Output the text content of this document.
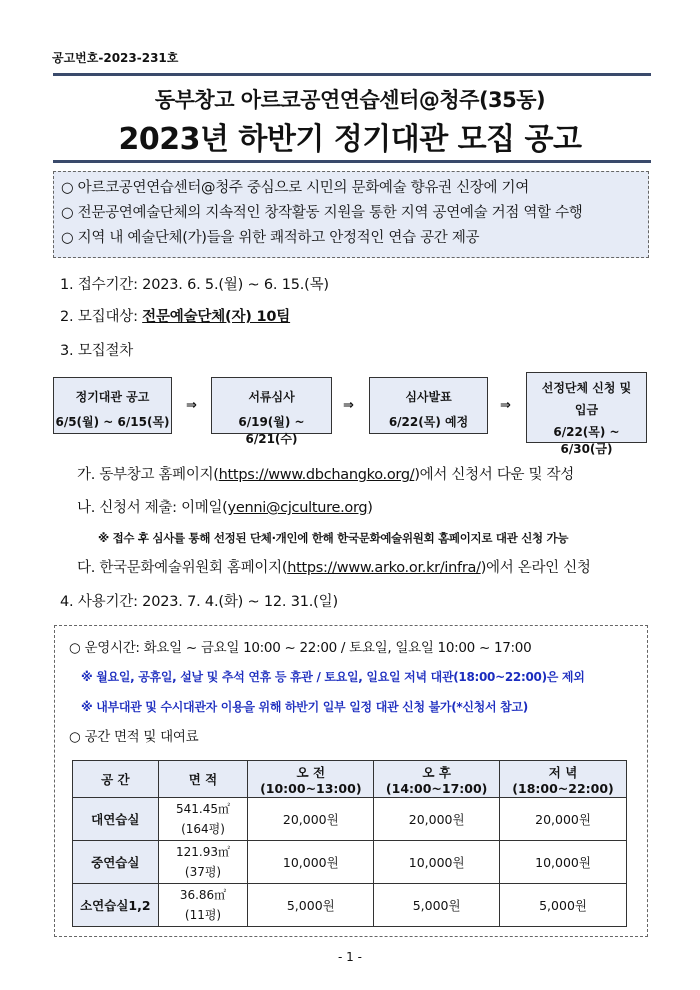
공고번호-2023-231호
동부창고 아르코공연연습센터@청주(35동)
2023년 하반기 정기대관 모집 공고
○ 아르코공연연습센터@청주 중심으로 시민의 문화예술 향유권 신장에 기여
○ 전문공연예술단체의 지속적인 창작활동 지원을 통한 지역 공연예술 거점 역할 수행
○ 지역 내 예술단체(가)들을 위한 쾌적하고 안정적인 연습 공간 제공
1. 접수기간: 2023. 6. 5.(월) ~ 6. 15.(목)
2. 모집대상: 전문예술단체(자) 10팀
3. 모집절차
정기대관 공고
6/5(월) ~ 6/15(목)
⇒
서류심사
6/19(월) ~ 6/21(수)
⇒
심사발표
6/22(목) 예정
⇒
선정단체 신청 및
입금
6/22(목) ~ 6/30(금)
가. 동부창고 홈페이지(https://www.dbchangko.org/)에서 신청서 다운 및 작성
나. 신청서 제출: 이메일(yenni@cjculture.org)
※ 접수 후 심사를 통해 선정된 단체·개인에 한해 한국문화예술위원회 홈페이지로 대관 신청 가능
다. 한국문화예술위원회 홈페이지(https://www.arko.or.kr/infra/)에서 온라인 신청
4. 사용기간: 2023. 7. 4.(화) ~ 12. 31.(일)
○ 운영시간: 화요일 ~ 금요일 10:00 ~ 22:00 / 토요일, 일요일 10:00 ~ 17:00
※ 월요일, 공휴일, 설날 및 추석 연휴 등 휴관 / 토요일, 일요일 저녁 대관(18:00~22:00)은 제외
※ 내부대관 및 수시대관자 이용을 위해 하반기 일부 일정 대관 신청 불가(*신청서 참고)
○ 공간 면적 및 대여료
공 간	면 적	오 전(10:00~13:00)	오 후(14:00~17:00)	저 녁(18:00~22:00)
대연습실	541.45㎡
(164평)	20,000원	20,000원	20,000원
중연습실	121.93㎡
(37평)	10,000원	10,000원	10,000원
소연습실1,2	36.86㎡
(11평)	5,000원	5,000원	5,000원
- 1 -
